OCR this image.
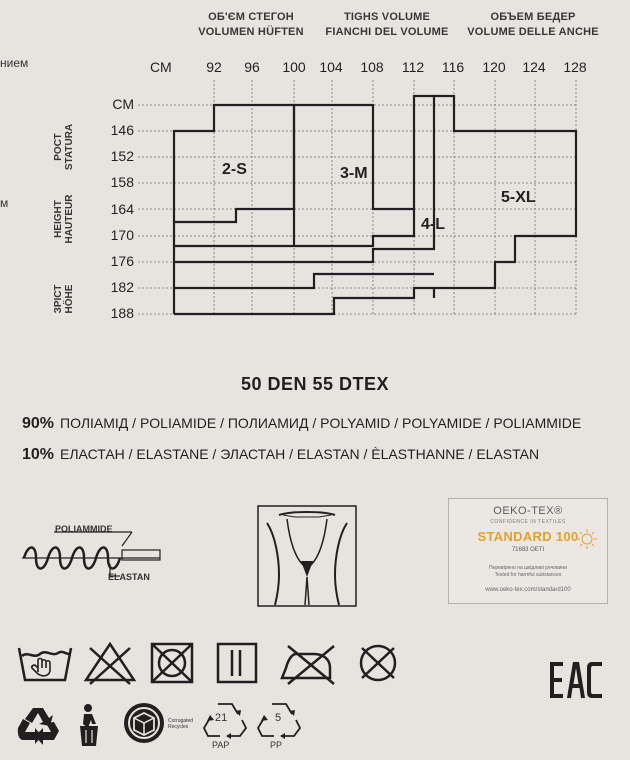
нием
м
ОБ'ЄМ СТЕГОН
VOLUMEN HÜFTEN
TIGHS VOLUME
FIANCHI DEL VOLUME
ОБЪЕМ БЕДЕР
VOLUME DELLE ANCHE
СМ 92 96 100 104 108 112 116 120 124 128
СМ
146
152
158
164
170
176
182
188
РОСТ STATURA
HEIGHT HAUTEUR
ЗРІСТ HÖHE
2-S	3-M
4-L
5-XL
50 DEN 55 DTEX
90% ПОЛІАМІД / POLIAMIDE / ПОЛИАМИД / POLYAMID / POLYAMIDE / POLIAMMIDE
10% ЕЛАСТАН / ELASTANE / ЭЛАСТАН / ELASTAN / ÈLASTHANNE / ELASTAN
POLIAMMIDE
ELASTAN
OEKO-TEX®
CONFIDENCE IN TEXTILES
STANDARD 100
71683 OETI
Перевірено на шкідливі речовини
Tested for harmful substances
www.oeko-tex.com/standard100
Corrugated
Recycles
21
PAP
5
PP
